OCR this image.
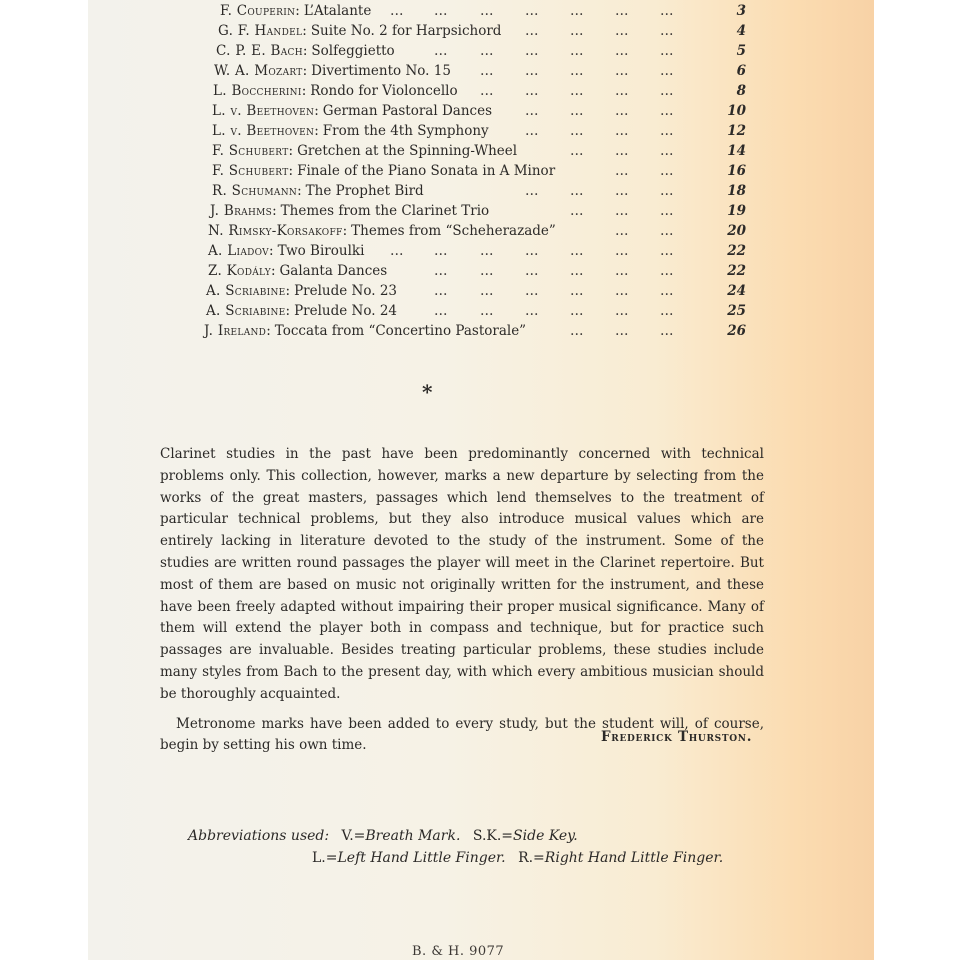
F. Couperin: L’Atalante … … … … … … …	3
G. F. Handel: Suite No. 2 for Harpsichord … … … …	4
C. P. E. Bach: Solfeggietto	… … … … … …	5
W. A. Mozart: Divertimento No. 15 … … … … …	6
L. Boccherini: Rondo for Violoncello … … … … …	8
L. v. Beethoven: German Pastoral Dances … … … …	10
L. v. Beethoven: From the 4th Symphony	… … … …	12
F. Schubert: Gretchen at the Spinning-Wheel	… … …	14
F. Schubert: Finale of the Piano Sonata in A Minor	… …	16
R. Schumann: The Prophet Bird	… … … …	18
J. Brahms: Themes from the Clarinet Trio	… … …	19
N. Rimsky-Korsakoff: Themes from “Scheherazade”	… …	20
A. Liadov: Two Biroulki … … … … … … …	22
Z. Kodály: Galanta Dances	… … … … … …	22
A. Scriabine: Prelude No. 23	… … … … … …	24
A. Scriabine: Prelude No. 24	… … … … … …	25
J. Ireland: Toccata from “Concertino Pastorale”	… … …	26
*

Clarinet studies in the past have been predominantly concerned with technical problems only. This collection, however, marks a new departure by selecting from the works of the great masters, passages which lend themselves to the treatment of particular technical problems, but they also introduce musical values which are entirely lacking in literature devoted to the study of the instrument. Some of the studies are written round passages the player will meet in the Clarinet repertoire. But most of them are based on music not originally written for the instrument, and these have been freely adapted without impairing their proper musical significance. Many of them will extend the player both in compass and technique, but for practice such passages are invaluable. Besides treating particular problems, these studies include many styles from Bach to the present day, with which every ambitious musician should be thoroughly acquainted.

Metronome marks have been added to every study, but the student will, of course, begin by setting his own time.

Frederick Thurston.
Abbreviations used: V.=Breath Mark. S.K.=Side Key.
L.=Left Hand Little Finger. R.=Right Hand Little Finger.
B. & H. 9077
